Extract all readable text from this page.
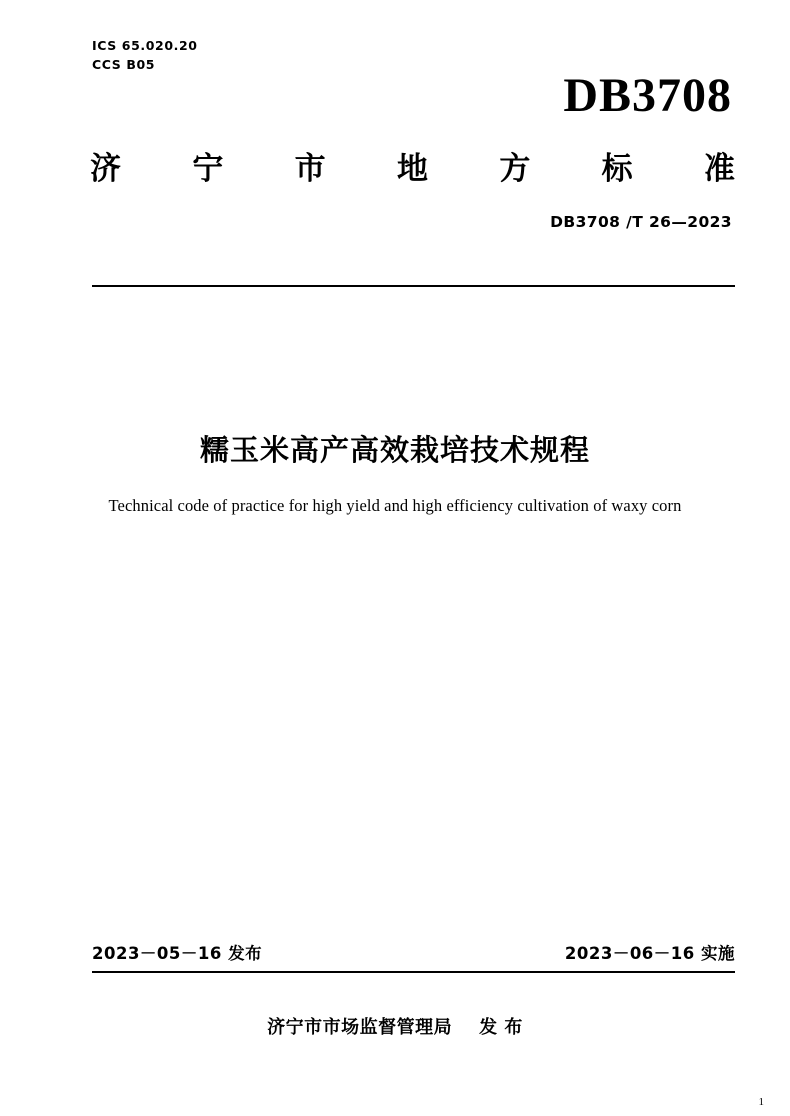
ICS 65.020.20
CCS B05
DB3708
济 宁 市 地 方 标 准
DB3708 /T 26—2023
糯玉米高产高效栽培技术规程
Technical code of practice for high yield and high efficiency cultivation of waxy corn
2023－05－16 发布	2023－06－16 实施
济宁市市场监督管理局    发 布
1
